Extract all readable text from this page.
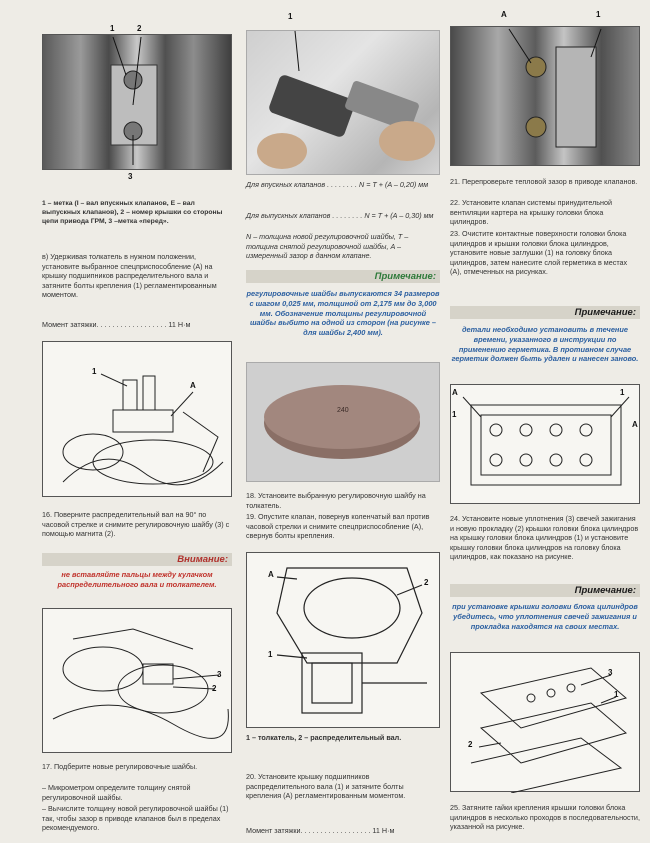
1	2
3
1 – метка (I – вал впускных клапанов, E – вал выпускных клапанов), 2 – номер крышки со стороны цепи привода ГРМ, 3 –метка «перед».
в) Удерживая толкатель в нужном положении, установите выбранное спецприспособление (А) на крышку подшипников распределительного вала и затяните болты крепления (1) регламентированным моментом.
Момент затяжки. . . . . . . . . . . . . . . . . . 11 Н·м
1
A
16. Поверните распределительный вал на 90° по часовой стрелке и снимите регулировочную шайбу (3) с помощью магнита (2).
Внимание:
не вставляйте пальцы между кулачком распределительного вала и толкателем.
3
2
17. Подберите новые регулировочные шайбы.
– Микрометром определите толщину снятой регулировочной шайбы.
– Вычислите толщину новой регулировочной шайбы (1) так, чтобы зазор в приводе клапанов был в пределах рекомендуемого.
1
Для впускных клапанов . . . . . . . . N = T + (A – 0,20) мм
Для выпускных клапанов . . . . . . . . N = T + (A – 0,30) мм
N – толщина новой регулировочной шайбы, T – толщина снятой регулировочной шайбы, A – измеренный зазор в данном клапане.
Примечание:
регулировочные шайбы выпускаются 34 размеров с шагом 0,025 мм, толщиной от 2,175 мм до 3,000 мм. Обозначение толщины регулировочной шайбы выбито на одной из сторон (на рисунке – для шайбы 2,400 мм).
240
18. Установите выбранную регулировочную шайбу на толкатель.
19. Опустите клапан, повернув коленчатый вал против часовой стрелки и снимите спецприспособление (А), свернув болты крепления.
A
1
2
1 – толкатель, 2 – распределительный вал.
20. Установите крышку подшипников распределительного вала (1) и затяните болты крепления (А) регламентированным моментом.
Момент затяжки. . . . . . . . . . . . . . . . . . 11 Н·м
A	1
21. Перепроверьте тепловой зазор в приводе клапанов.
22. Установите клапан системы принудительной вентиляции картера на крышку головки блока цилиндров.
23. Очистите контактные поверхности головки блока цилиндров и крышки головки блока цилиндров, установите новые заглушки (1) на головку блока цилиндров, затем нанесите слой герметика в местах (А), отмеченных на рисунках.
Примечание:
детали необходимо установить в течение времени, указанного в инструкции по применению герметика. В противном случае герметик должен быть удален и нанесен заново.
A
1
A
1
24. Установите новые уплотнения (3) свечей зажигания и новую прокладку (2) крышки головки блока цилиндров на крышку головки блока цилиндров (1) и установите крышку головки блока цилиндров на головку блока цилиндров, как показано на рисунке.
Примечание:
при установке крышки головки блока цилиндров убедитесь, что уплотнения свечей зажигания и прокладка находятся на своих местах.
3
1
2
25. Затяните гайки крепления крышки головки блока цилиндров в несколько проходов в последовательности, указанной на рисунке.
